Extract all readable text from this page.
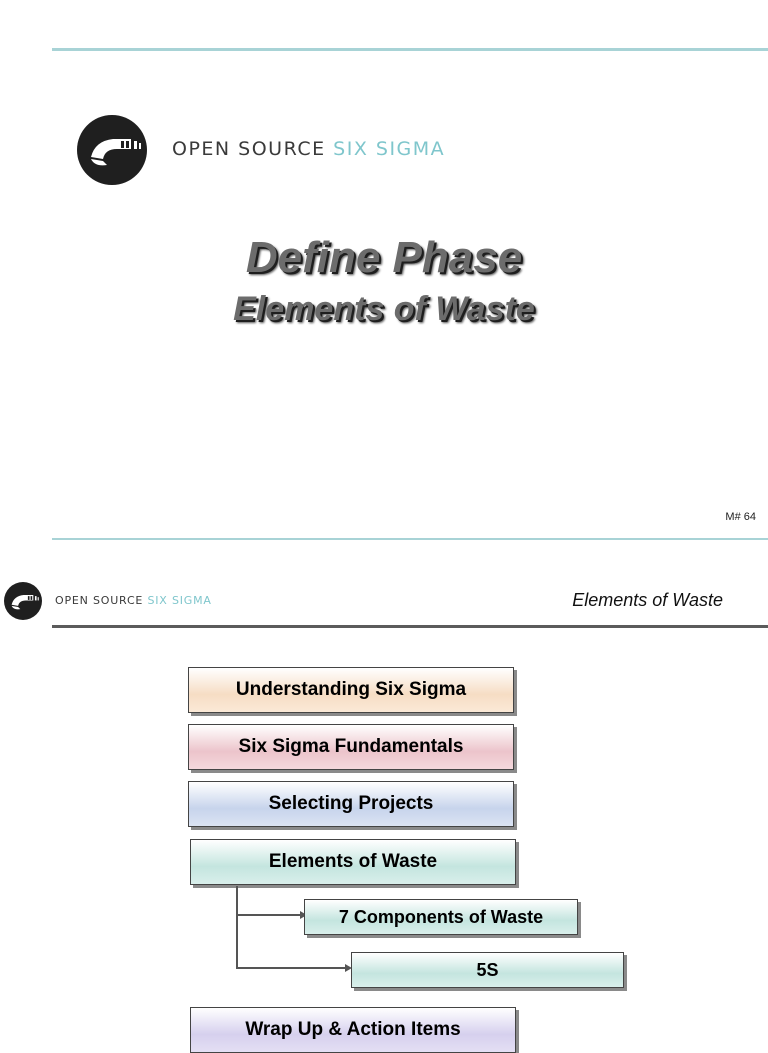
OPEN SOURCE SIX SIGMA
Define Phase
Elements of Waste
M# 64
OPEN SOURCE SIX SIGMA	Elements of Waste
Understanding Six Sigma
Six Sigma Fundamentals
Selecting Projects
Elements of Waste
7 Components of Waste
5S
Wrap Up & Action Items
